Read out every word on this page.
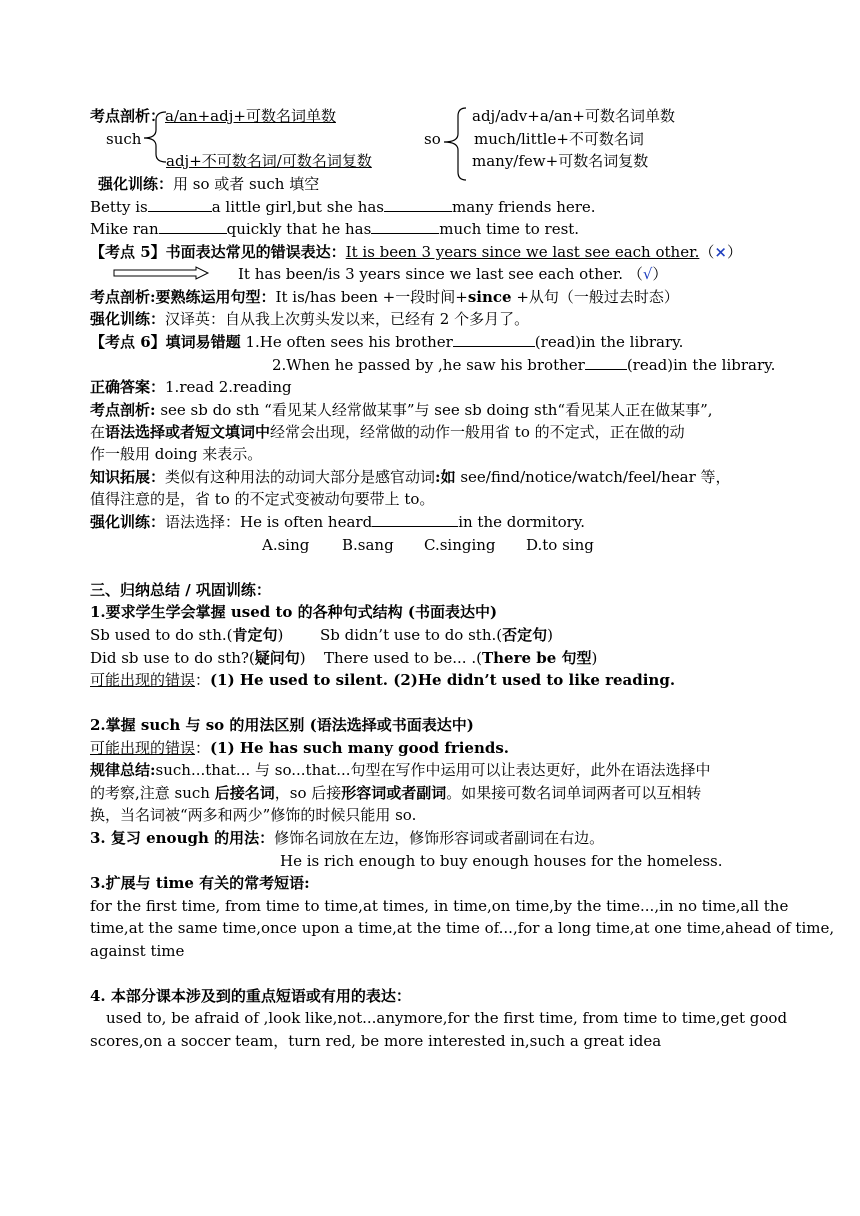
考点剖析：a/an+adj+可数名词单数
such
adj+不可数名词/可数名词复数
so
adj/adv+a/an+可数名词单数
much/little+不可数名词
many/few+可数名词复数
强化训练：用 so 或者 such 填空
Betty is	a little girl,but she has	many friends here.
Mike ran	quickly that he has	much time to rest.
【考点 5】书面表达常见的错误表达：It is been 3 years since we last see each other.（×）
It has been/is 3 years since we last see each other. （√）
考点剖析:要熟练运用句型：It is/has been +一段时间+since +从句（一般过去时态）
强化训练：汉译英：自从我上次剪头发以来，已经有 2 个多月了。
【考点 6】填词易错题 1.He often sees his brother	(read)in the library.
2.When he passed by ,he saw his brother	(read)in the library.
正确答案：1.read 2.reading
考点剖析: see sb do sth “看见某人经常做某事”与 see sb doing sth“看见某人正在做某事”,
在语法选择或者短文填词中经常会出现，经常做的动作一般用省 to 的不定式，正在做的动
作一般用 doing 来表示。
知识拓展：类似有这种用法的动词大部分是感官动词:如 see/find/notice/watch/feel/hear 等，
值得注意的是，省 to 的不定式变被动句要带上 to。
强化训练：语法选择：He is often heard	in the dormitory.
A.sing B.sang C.singing D.to sing
三、归纳总结 / 巩固训练：
1.要求学生学会掌握 used to 的各种句式结构 (书面表达中)
Sb used to do sth.(肯定句) Sb didn’t use to do sth.(否定句)
Did sb use to do sth?(疑问句) There used to be... .(There be 句型)
可能出现的错误：(1) He used to silent. (2)He didn’t used to like reading.
2.掌握 such 与 so 的用法区别 (语法选择或书面表达中)
可能出现的错误：(1) He has such many good friends.
规律总结:such...that... 与 so...that...句型在写作中运用可以让表达更好，此外在语法选择中
的考察,注意 such 后接名词，so 后接形容词或者副词。如果接可数名词单词两者可以互相转
换，当名词被“两多和两少”修饰的时候只能用 so.
3. 复习 enough 的用法：修饰名词放在左边，修饰形容词或者副词在右边。
He is rich enough to buy enough houses for the homeless.
3.扩展与 time 有关的常考短语:
for the first time, from time to time,at times, in time,on time,by the time...,in no time,all the
time,at the same time,once upon a time,at the time of...,for a long time,at one time,ahead of time,
against time
4. 本部分课本涉及到的重点短语或有用的表达：
used to, be afraid of ,look like,not...anymore,for the first time, from time to time,get good
scores,on a soccer team，turn red, be more interested in,such a great idea
